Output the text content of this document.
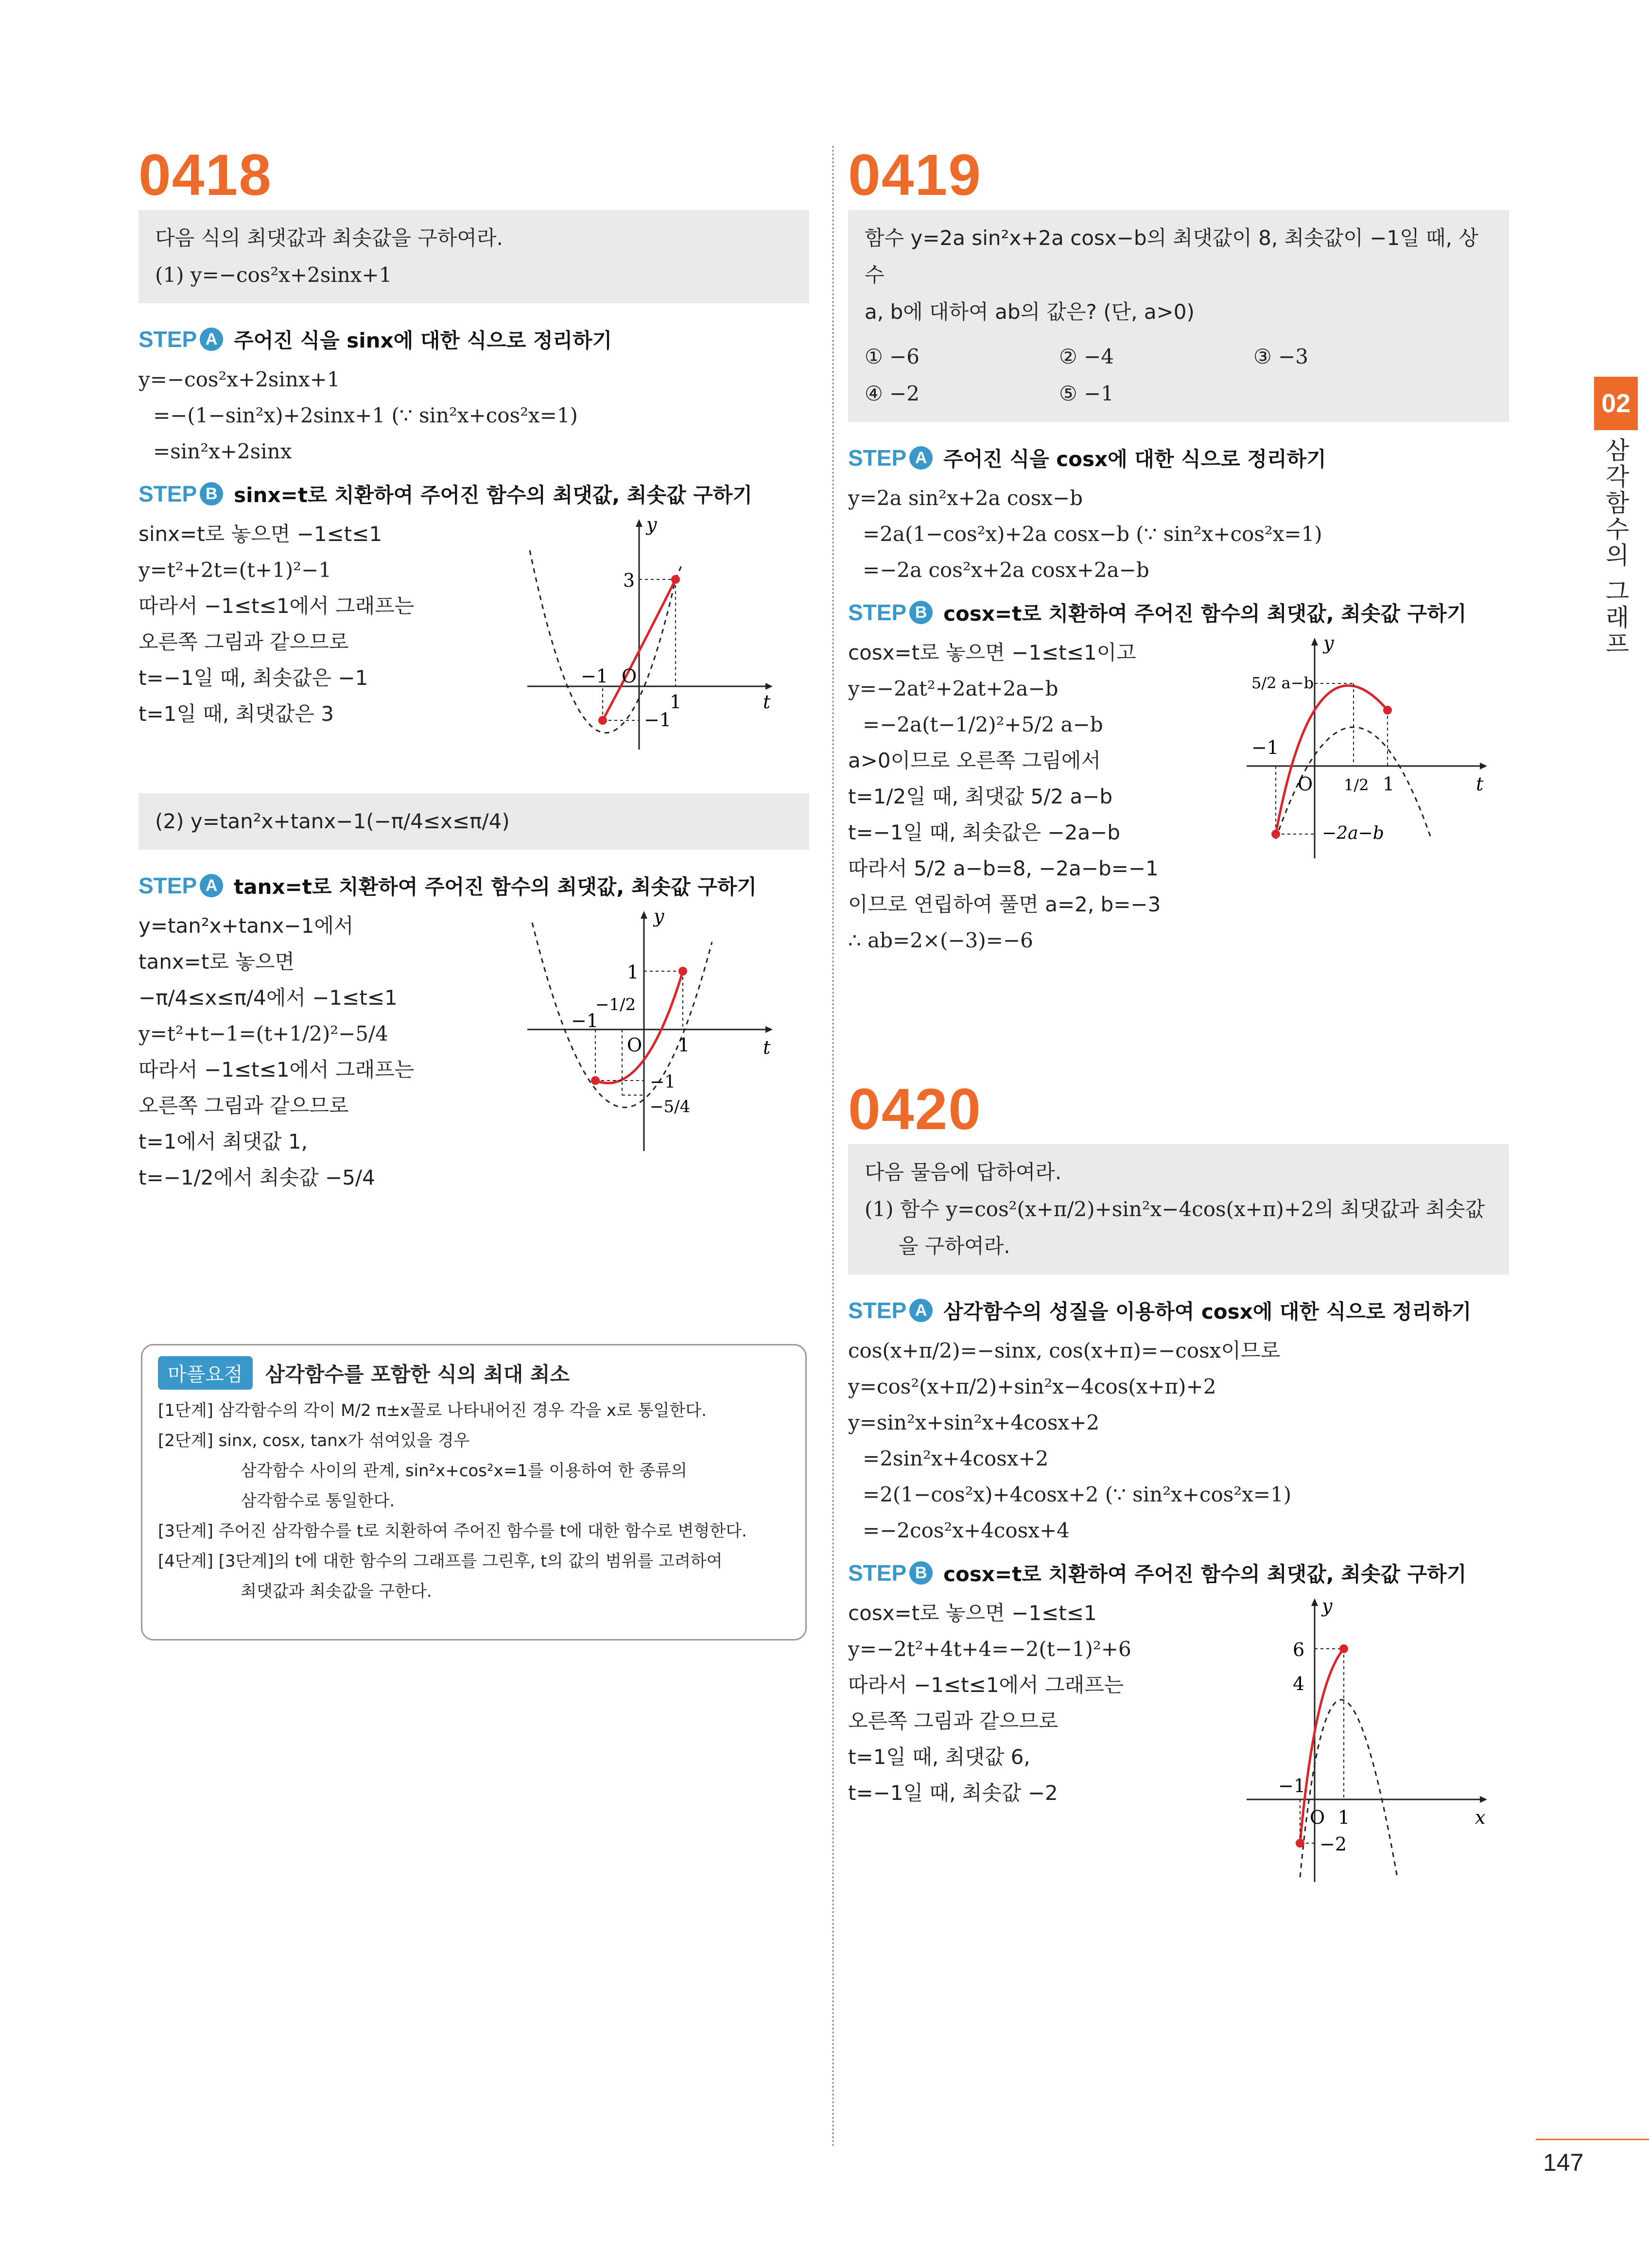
0418
다음 식의 최댓값과 최솟값을 구하여라.
(1) y=−cos²x+2sinx+1
STEP A 주어진 식을 sinx에 대한 식으로 정리하기
y=−cos²x+2sinx+1
=−(1−sin²x)+2sinx+1 (∵ sin²x+cos²x=1)
=sin²x+2sinx
STEP B sinx=t로 치환하여 주어진 함수의 최댓값, 최솟값 구하기
sinx=t로 놓으면 −1≤t≤1
y=t²+2t=(t+1)²−1
따라서 −1≤t≤1에서 그래프는
오른쪽 그림과 같으므로
t=−1일 때, 최솟값은 −1
t=1일 때, 최댓값은 3
y
t
3
−1 O
1
−1
(2) y=tan²x+tanx−1(−π/4≤x≤π/4)
STEP A tanx=t로 치환하여 주어진 함수의 최댓값, 최솟값 구하기
y=tan²x+tanx−1에서
tanx=t로 놓으면
−π/4≤x≤π/4에서 −1≤t≤1
y=t²+t−1=(t+1/2)²−5/4
따라서 −1≤t≤1에서 그래프는
오른쪽 그림과 같으므로
t=1에서 최댓값 1,
t=−1/2에서 최솟값 −5/4
y
t
1
−1/2
−1
O 1
−1
−5/4
마플요점	삼각함수를 포함한 식의 최대 최소
[1단계] 삼각함수의 각이 M/2 π±x꼴로 나타내어진 경우 각을 x로 통일한다.
[2단계] sinx, cosx, tanx가 섞여있을 경우
삼각함수 사이의 관계, sin²x+cos²x=1를 이용하여 한 종류의
삼각함수로 통일한다.
[3단계] 주어진 삼각함수를 t로 치환하여 주어진 함수를 t에 대한 함수로 변형한다.
[4단계] [3단계]의 t에 대한 함수의 그래프를 그린후, t의 값의 범위를 고려하여
최댓값과 최솟값을 구한다.
0419
함수 y=2a sin²x+2a cosx−b의 최댓값이 8, 최솟값이 −1일 때, 상수
a, b에 대하여 ab의 값은? (단, a>0)
① −6	② −4	③ −3
④ −2	⑤ −1
STEP A 주어진 식을 cosx에 대한 식으로 정리하기
y=2a sin²x+2a cosx−b
=2a(1−cos²x)+2a cosx−b (∵ sin²x+cos²x=1)
=−2a cos²x+2a cosx+2a−b
STEP B cosx=t로 치환하여 주어진 함수의 최댓값, 최솟값 구하기
cosx=t로 놓으면 −1≤t≤1이고
y=−2at²+2at+2a−b
=−2a(t−1/2)²+5/2 a−b
a>0이므로 오른쪽 그림에서
t=1/2일 때, 최댓값 5/2 a−b
t=−1일 때, 최솟값은 −2a−b
따라서 5/2 a−b=8, −2a−b=−1
이므로 연립하여 풀면 a=2, b=−3
∴ ab=2×(−3)=−6
y
t
5/2 a−b
−1
O 1/2 1
−2a−b
0420
다음 물음에 답하여라.
(1) 함수 y=cos²(x+π/2)+sin²x−4cos(x+π)+2의 최댓값과 최솟값
을 구하여라.
STEP A 삼각함수의 성질을 이용하여 cosx에 대한 식으로 정리하기
cos(x+π/2)=−sinx, cos(x+π)=−cosx이므로
y=cos²(x+π/2)+sin²x−4cos(x+π)+2
y=sin²x+sin²x+4cosx+2
=2sin²x+4cosx+2
=2(1−cos²x)+4cosx+2 (∵ sin²x+cos²x=1)
=−2cos²x+4cosx+4
STEP B cosx=t로 치환하여 주어진 함수의 최댓값, 최솟값 구하기
cosx=t로 놓으면 −1≤t≤1
y=−2t²+4t+4=−2(t−1)²+6
따라서 −1≤t≤1에서 그래프는
오른쪽 그림과 같으므로
t=1일 때, 최댓값 6,
t=−1일 때, 최솟값 −2
y
x
6
4
−1
O 1
−2
02
삼각함수의 그래프
147
